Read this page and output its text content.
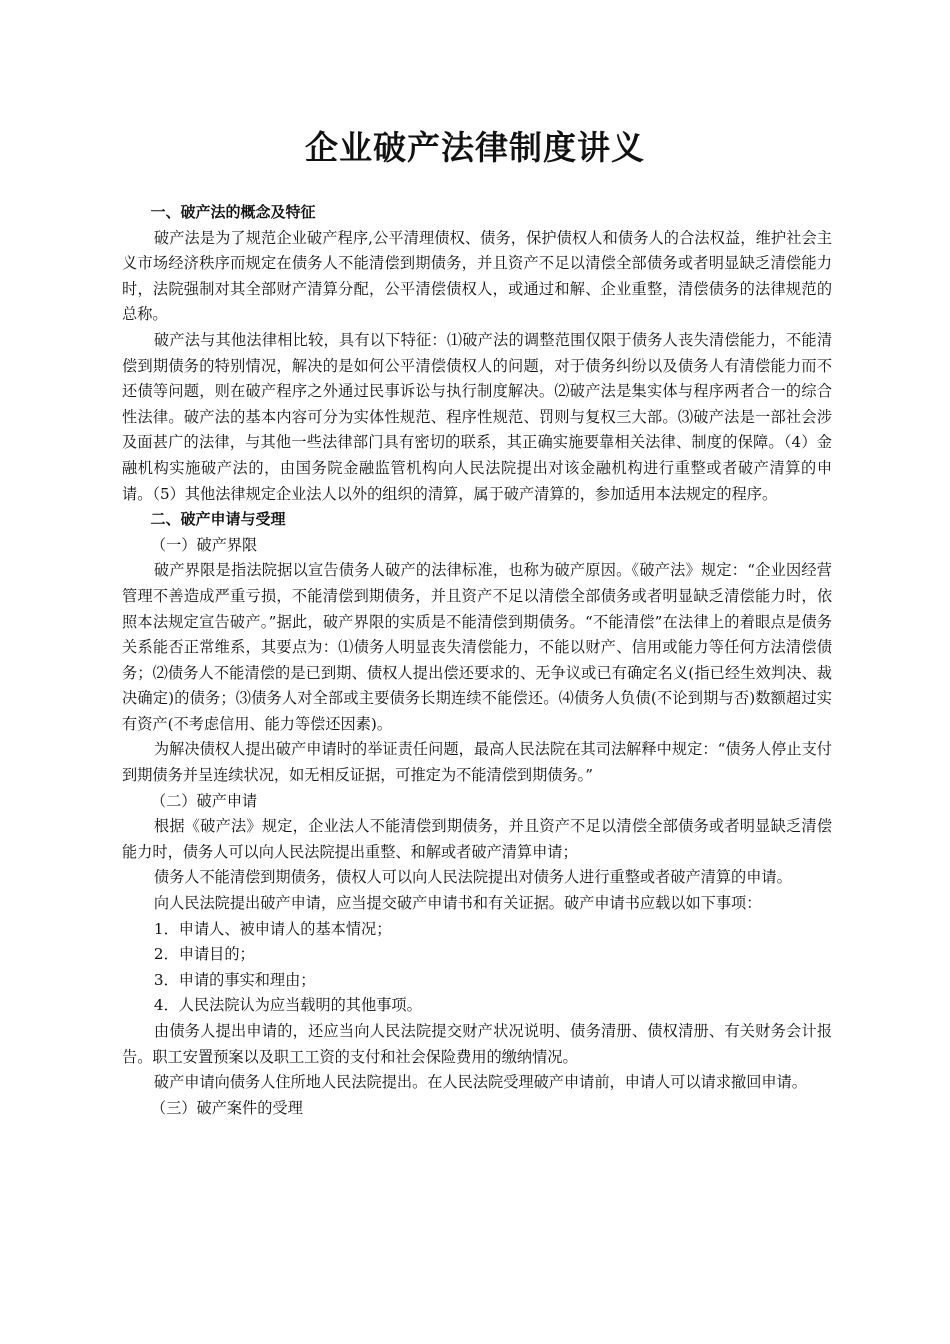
企业破产法律制度讲义

一、破产法的概念及特征

破产法是为了规范企业破产程序,公平清理债权、债务，保护债权人和债务人的合法权益，维护社会主义市场经济秩序而规定在债务人不能清偿到期债务，并且资产不足以清偿全部债务或者明显缺乏清偿能力时，法院强制对其全部财产清算分配，公平清偿债权人，或通过和解、企业重整，清偿债务的法律规范的总称。

破产法与其他法律相比较，具有以下特征：⑴破产法的调整范围仅限于债务人丧失清偿能力，不能清偿到期债务的特别情况，解决的是如何公平清偿债权人的问题，对于债务纠纷以及债务人有清偿能力而不还债等问题，则在破产程序之外通过民事诉讼与执行制度解决。⑵破产法是集实体与程序两者合一的综合性法律。破产法的基本内容可分为实体性规范、程序性规范、罚则与复权三大部。⑶破产法是一部社会涉及面甚广的法律，与其他一些法律部门具有密切的联系，其正确实施要靠相关法律、制度的保障。（4）金融机构实施破产法的，由国务院金融监管机构向人民法院提出对该金融机构进行重整或者破产清算的申请。（5）其他法律规定企业法人以外的组织的清算，属于破产清算的，参加适用本法规定的程序。

二、破产申请与受理

（一）破产界限

破产界限是指法院据以宣告债务人破产的法律标准，也称为破产原因。《破产法》规定：“企业因经营管理不善造成严重亏损，不能清偿到期债务，并且资产不足以清偿全部债务或者明显缺乏清偿能力时，依照本法规定宣告破产。”据此，破产界限的实质是不能清偿到期债务。“不能清偿”在法律上的着眼点是债务关系能否正常维系，其要点为：⑴债务人明显丧失清偿能力，不能以财产、信用或能力等任何方法清偿债务；⑵债务人不能清偿的是已到期、债权人提出偿还要求的、无争议或已有确定名义(指已经生效判决、裁决确定)的债务；⑶债务人对全部或主要债务长期连续不能偿还。⑷债务人负债(不论到期与否)数额超过实有资产(不考虑信用、能力等偿还因素)。

为解决债权人提出破产申请时的举证责任问题，最高人民法院在其司法解释中规定：“债务人停止支付到期债务并呈连续状况，如无相反证据，可推定为不能清偿到期债务。”

（二）破产申请

根据《破产法》规定，企业法人不能清偿到期债务，并且资产不足以清偿全部债务或者明显缺乏清偿能力时，债务人可以向人民法院提出重整、和解或者破产清算申请；

债务人不能清偿到期债务，债权人可以向人民法院提出对债务人进行重整或者破产清算的申请。

向人民法院提出破产申请，应当提交破产申请书和有关证据。破产申请书应载以如下事项：

1．申请人、被申请人的基本情况；

2．申请目的；

3．申请的事实和理由；

4．人民法院认为应当载明的其他事项。

由债务人提出申请的，还应当向人民法院提交财产状况说明、债务清册、债权清册、有关财务会计报告。职工安置预案以及职工工资的支付和社会保险费用的缴纳情况。

破产申请向债务人住所地人民法院提出。在人民法院受理破产申请前，申请人可以请求撤回申请。

（三）破产案件的受理
